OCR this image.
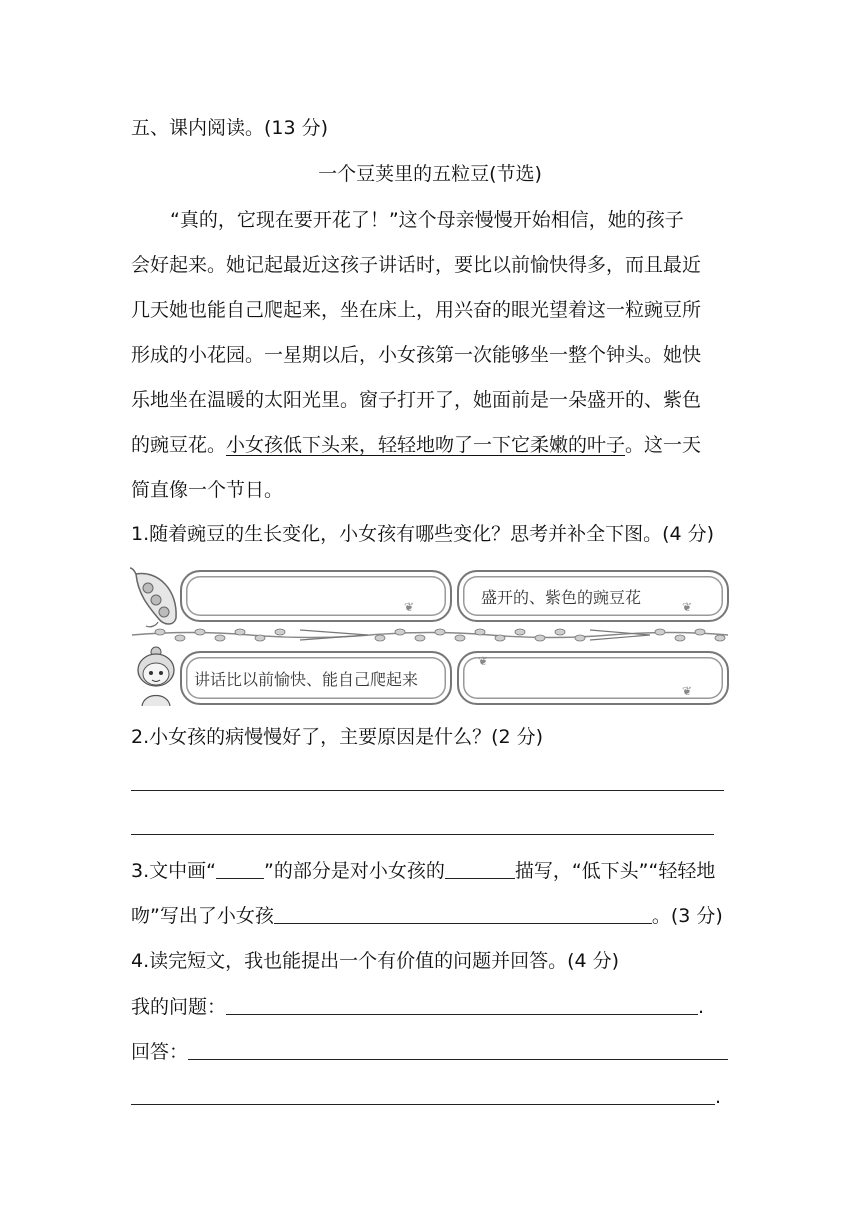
五、课内阅读。(13 分)
一个豆荚里的五粒豆(节选)
“真的，它现在要开花了！”这个母亲慢慢开始相信，她的孩子
会好起来。她记起最近这孩子讲话时，要比以前愉快得多，而且最近
几天她也能自己爬起来，坐在床上，用兴奋的眼光望着这一粒豌豆所
形成的小花园。一星期以后，小女孩第一次能够坐一整个钟头。她快
乐地坐在温暖的太阳光里。窗子打开了，她面前是一朵盛开的、紫色
的豌豆花。小女孩低下头来，轻轻地吻了一下它柔嫩的叶子。这一天
简直像一个节日。
1.随着豌豆的生长变化，小女孩有哪些变化？思考并补全下图。(4 分)
❦	盛开的、紫色的豌豆花	❦
讲话比以前愉快、能自己爬起来
❦
❦
2.小女孩的病慢慢好了，主要原因是什么？(2 分)
3.文中画“	”的部分是对小女孩的	描写，“低下头”“轻轻地
吻”写出了小女孩	。(3 分)
4.读完短文，我也能提出一个有价值的问题并回答。(4 分)
我的问题：	.
回答：
.
